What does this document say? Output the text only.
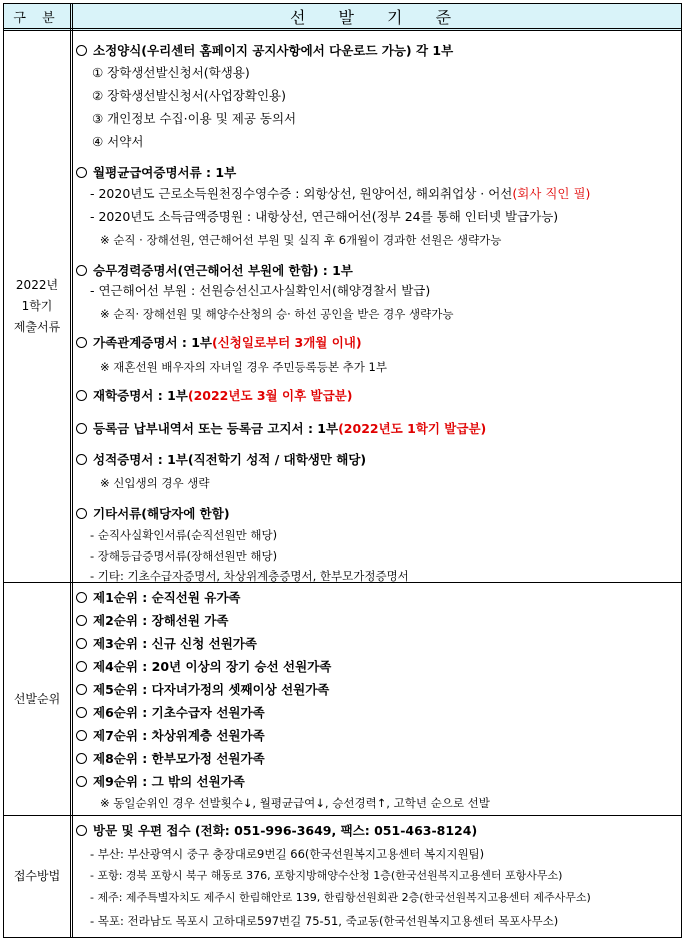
구 분	선 발 기 준
2022년
1학기
제출서류
소정양식(우리센터 홈페이지 공지사항에서 다운로드 가능) 각 1부
① 장학생선발신청서(학생용)
② 장학생선발신청서(사업장확인용)
③ 개인정보 수집·이용 및 제공 동의서
④ 서약서
월평균급여증명서류 : 1부
- 2020년도 근로소득원천징수영수증 : 외항상선, 원양어선, 해외취업상 · 어선(회사 직인 필)
- 2020년도 소득금액증명원 : 내항상선, 연근해어선(정부 24를 통해 인터넷 발급가능)
※ 순직 · 장해선원, 연근해어선 부원 및 실직 후 6개월이 경과한 선원은 생략가능
승무경력증명서(연근해어선 부원에 한함) : 1부
- 연근해어선 부원 : 선원승선신고사실확인서(해양경찰서 발급)
※ 순직· 장해선원 및 해양수산청의 승· 하선 공인을 받은 경우 생략가능
가족관계증명서 : 1부(신청일로부터 3개월 이내)
※ 재혼선원 배우자의 자녀일 경우 주민등록등본 추가 1부
재학증명서 : 1부(2022년도 3월 이후 발급분)
등록금 납부내역서 또는 등록금 고지서 : 1부(2022년도 1학기 발급분)
성적증명서 : 1부(직전학기 성적 / 대학생만 해당)
※ 신입생의 경우 생략
기타서류(해당자에 한함)
- 순직사실확인서류(순직선원만 해당)
- 장해등급증명서류(장해선원만 해당)
- 기타: 기초수급자증명서, 차상위계층증명서, 한부모가정증명서
선발순위
제1순위 : 순직선원 유가족
제2순위 : 장해선원 가족
제3순위 : 신규 신청 선원가족
제4순위 : 20년 이상의 장기 승선 선원가족
제5순위 : 다자녀가정의 셋째이상 선원가족
제6순위 : 기초수급자 선원가족
제7순위 : 차상위계층 선원가족
제8순위 : 한부모가정 선원가족
제9순위 : 그 밖의 선원가족
※ 동일순위인 경우 선발횟수↓, 월평균급여↓, 승선경력↑, 고학년 순으로 선발
접수방법
방문 및 우편 접수 (전화: 051-996-3649, 팩스: 051-463-8124)
- 부산: 부산광역시 중구 충장대로9번길 66(한국선원복지고용센터 복지지원팀)
- 포항: 경북 포항시 북구 해동로 376, 포항지방해양수산청 1층(한국선원복지고용센터 포항사무소)
- 제주: 제주특별자치도 제주시 한림해안로 139, 한림항선원회관 2층(한국선원복지고용센터 제주사무소)
- 목포: 전라남도 목포시 고하대로597번길 75-51, 죽교동(한국선원복지고용센터 목포사무소)
